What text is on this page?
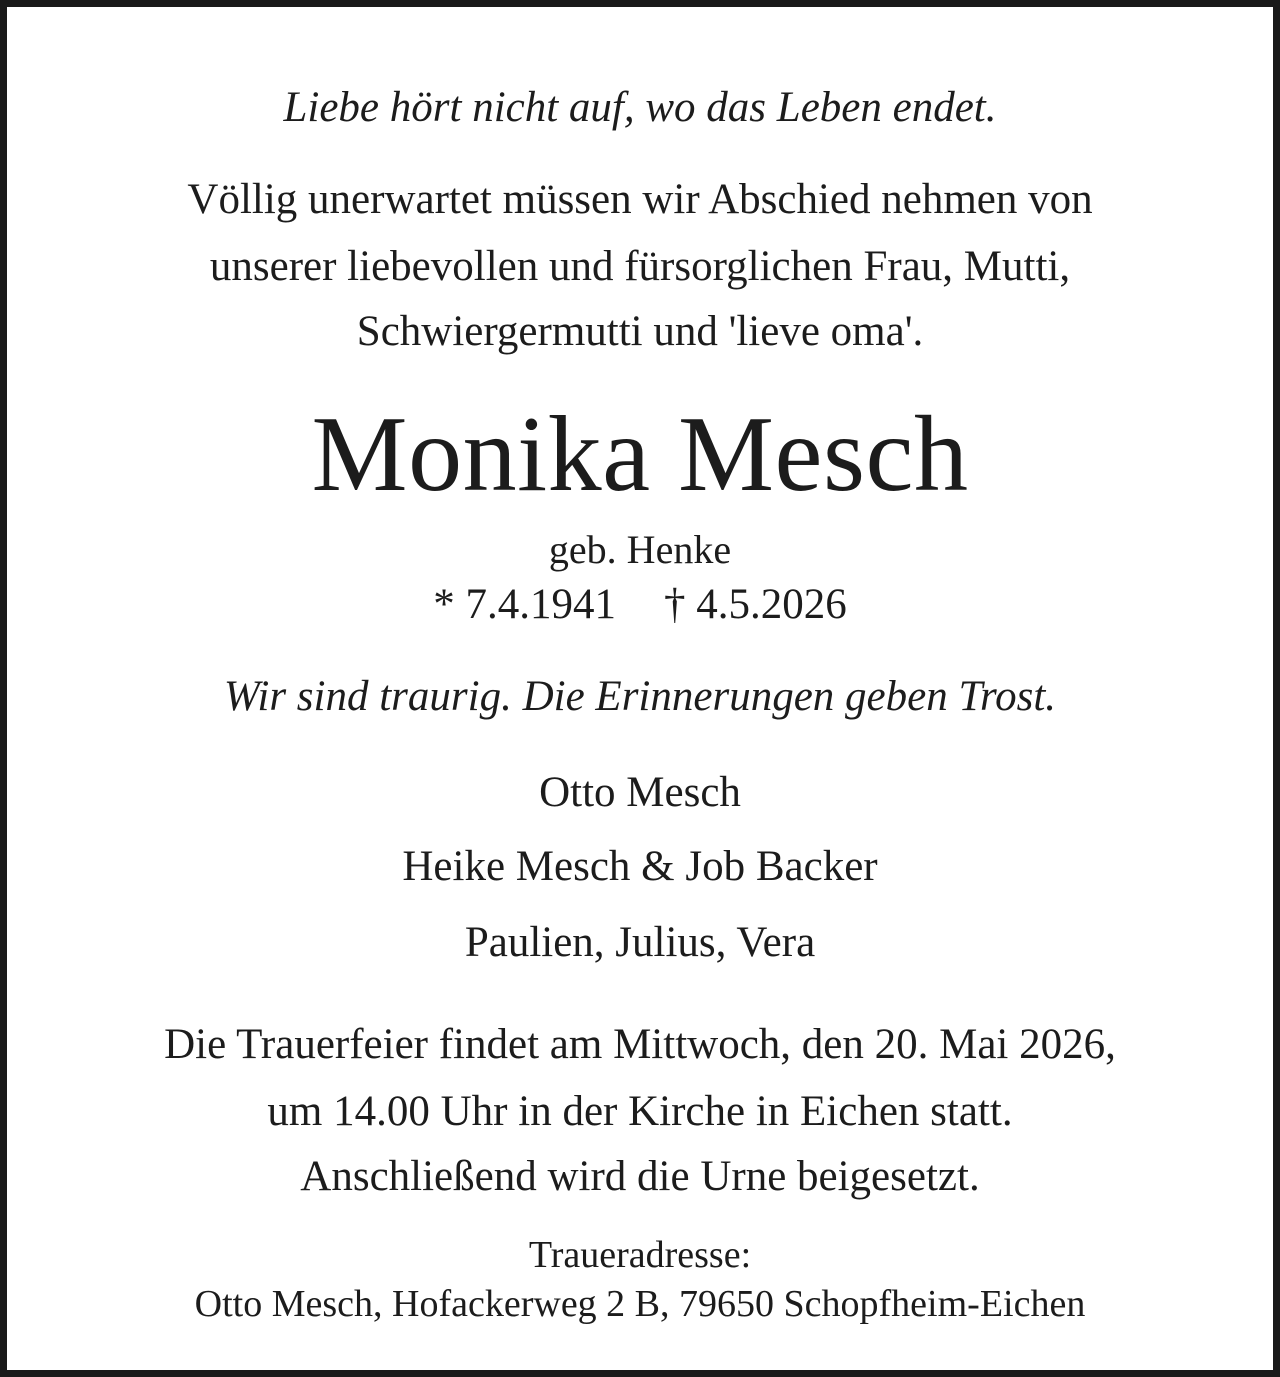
Liebe hört nicht auf, wo das Leben endet.
Völlig unerwartet müssen wir Abschied nehmen von
unserer liebevollen und fürsorglichen Frau, Mutti,
Schwiergermutti und 'lieve oma'.
Monika Mesch
geb. Henke
* 7.4.1941 † 4.5.2026
Wir sind traurig. Die Erinnerungen geben Trost.
Otto Mesch
Heike Mesch & Job Backer
Paulien, Julius, Vera
Die Trauerfeier findet am Mittwoch, den 20. Mai 2026,
um 14.00 Uhr in der Kirche in Eichen statt.
Anschließend wird die Urne beigesetzt.
Traueradresse:
Otto Mesch, Hofackerweg 2 B, 79650 Schopfheim-Eichen
